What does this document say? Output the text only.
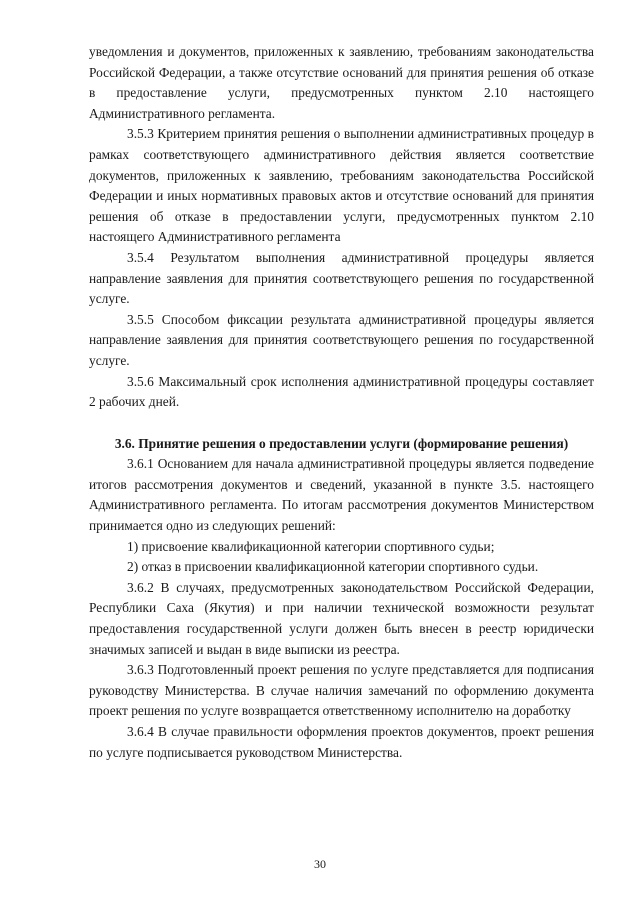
уведомления и документов, приложенных к заявлению, требованиям законодательства Российской Федерации, а также отсутствие оснований для принятия решения об отказе в предоставление услуги, предусмотренных пунктом 2.10 настоящего Административного регламента.

3.5.3 Критерием принятия решения о выполнении административных процедур в рамках соответствующего административного действия является соответствие документов, приложенных к заявлению, требованиям законодательства Российской Федерации и иных нормативных правовых актов и отсутствие оснований для принятия решения об отказе в предоставлении услуги, предусмотренных пунктом 2.10 настоящего Административного регламента

3.5.4 Результатом выполнения административной процедуры является направление заявления для принятия соответствующего решения по государственной услуге.

3.5.5 Способом фиксации результата административной процедуры является направление заявления для принятия соответствующего решения по государственной услуге.

3.5.6 Максимальный срок исполнения административной процедуры составляет 2 рабочих дней.

3.6. Принятие решения о предоставлении услуги (формирование решения)

3.6.1 Основанием для начала административной процедуры является подведение итогов рассмотрения документов и сведений, указанной в пункте 3.5. настоящего Административного регламента. По итогам рассмотрения документов Министерством принимается одно из следующих решений:

1) присвоение квалификационной категории спортивного судьи;

2) отказ в присвоении квалификационной категории спортивного судьи.

3.6.2 В случаях, предусмотренных законодательством Российской Федерации, Республики Саха (Якутия) и при наличии технической возможности результат предоставления государственной услуги должен быть внесен в реестр юридически значимых записей и выдан в виде выписки из реестра.

3.6.3 Подготовленный проект решения по услуге представляется для подписания руководству Министерства. В случае наличия замечаний по оформлению документа проект решения по услуге возвращается ответственному исполнителю на доработку

3.6.4 В случае правильности оформления проектов документов, проект решения по услуге подписывается руководством Министерства.

30
